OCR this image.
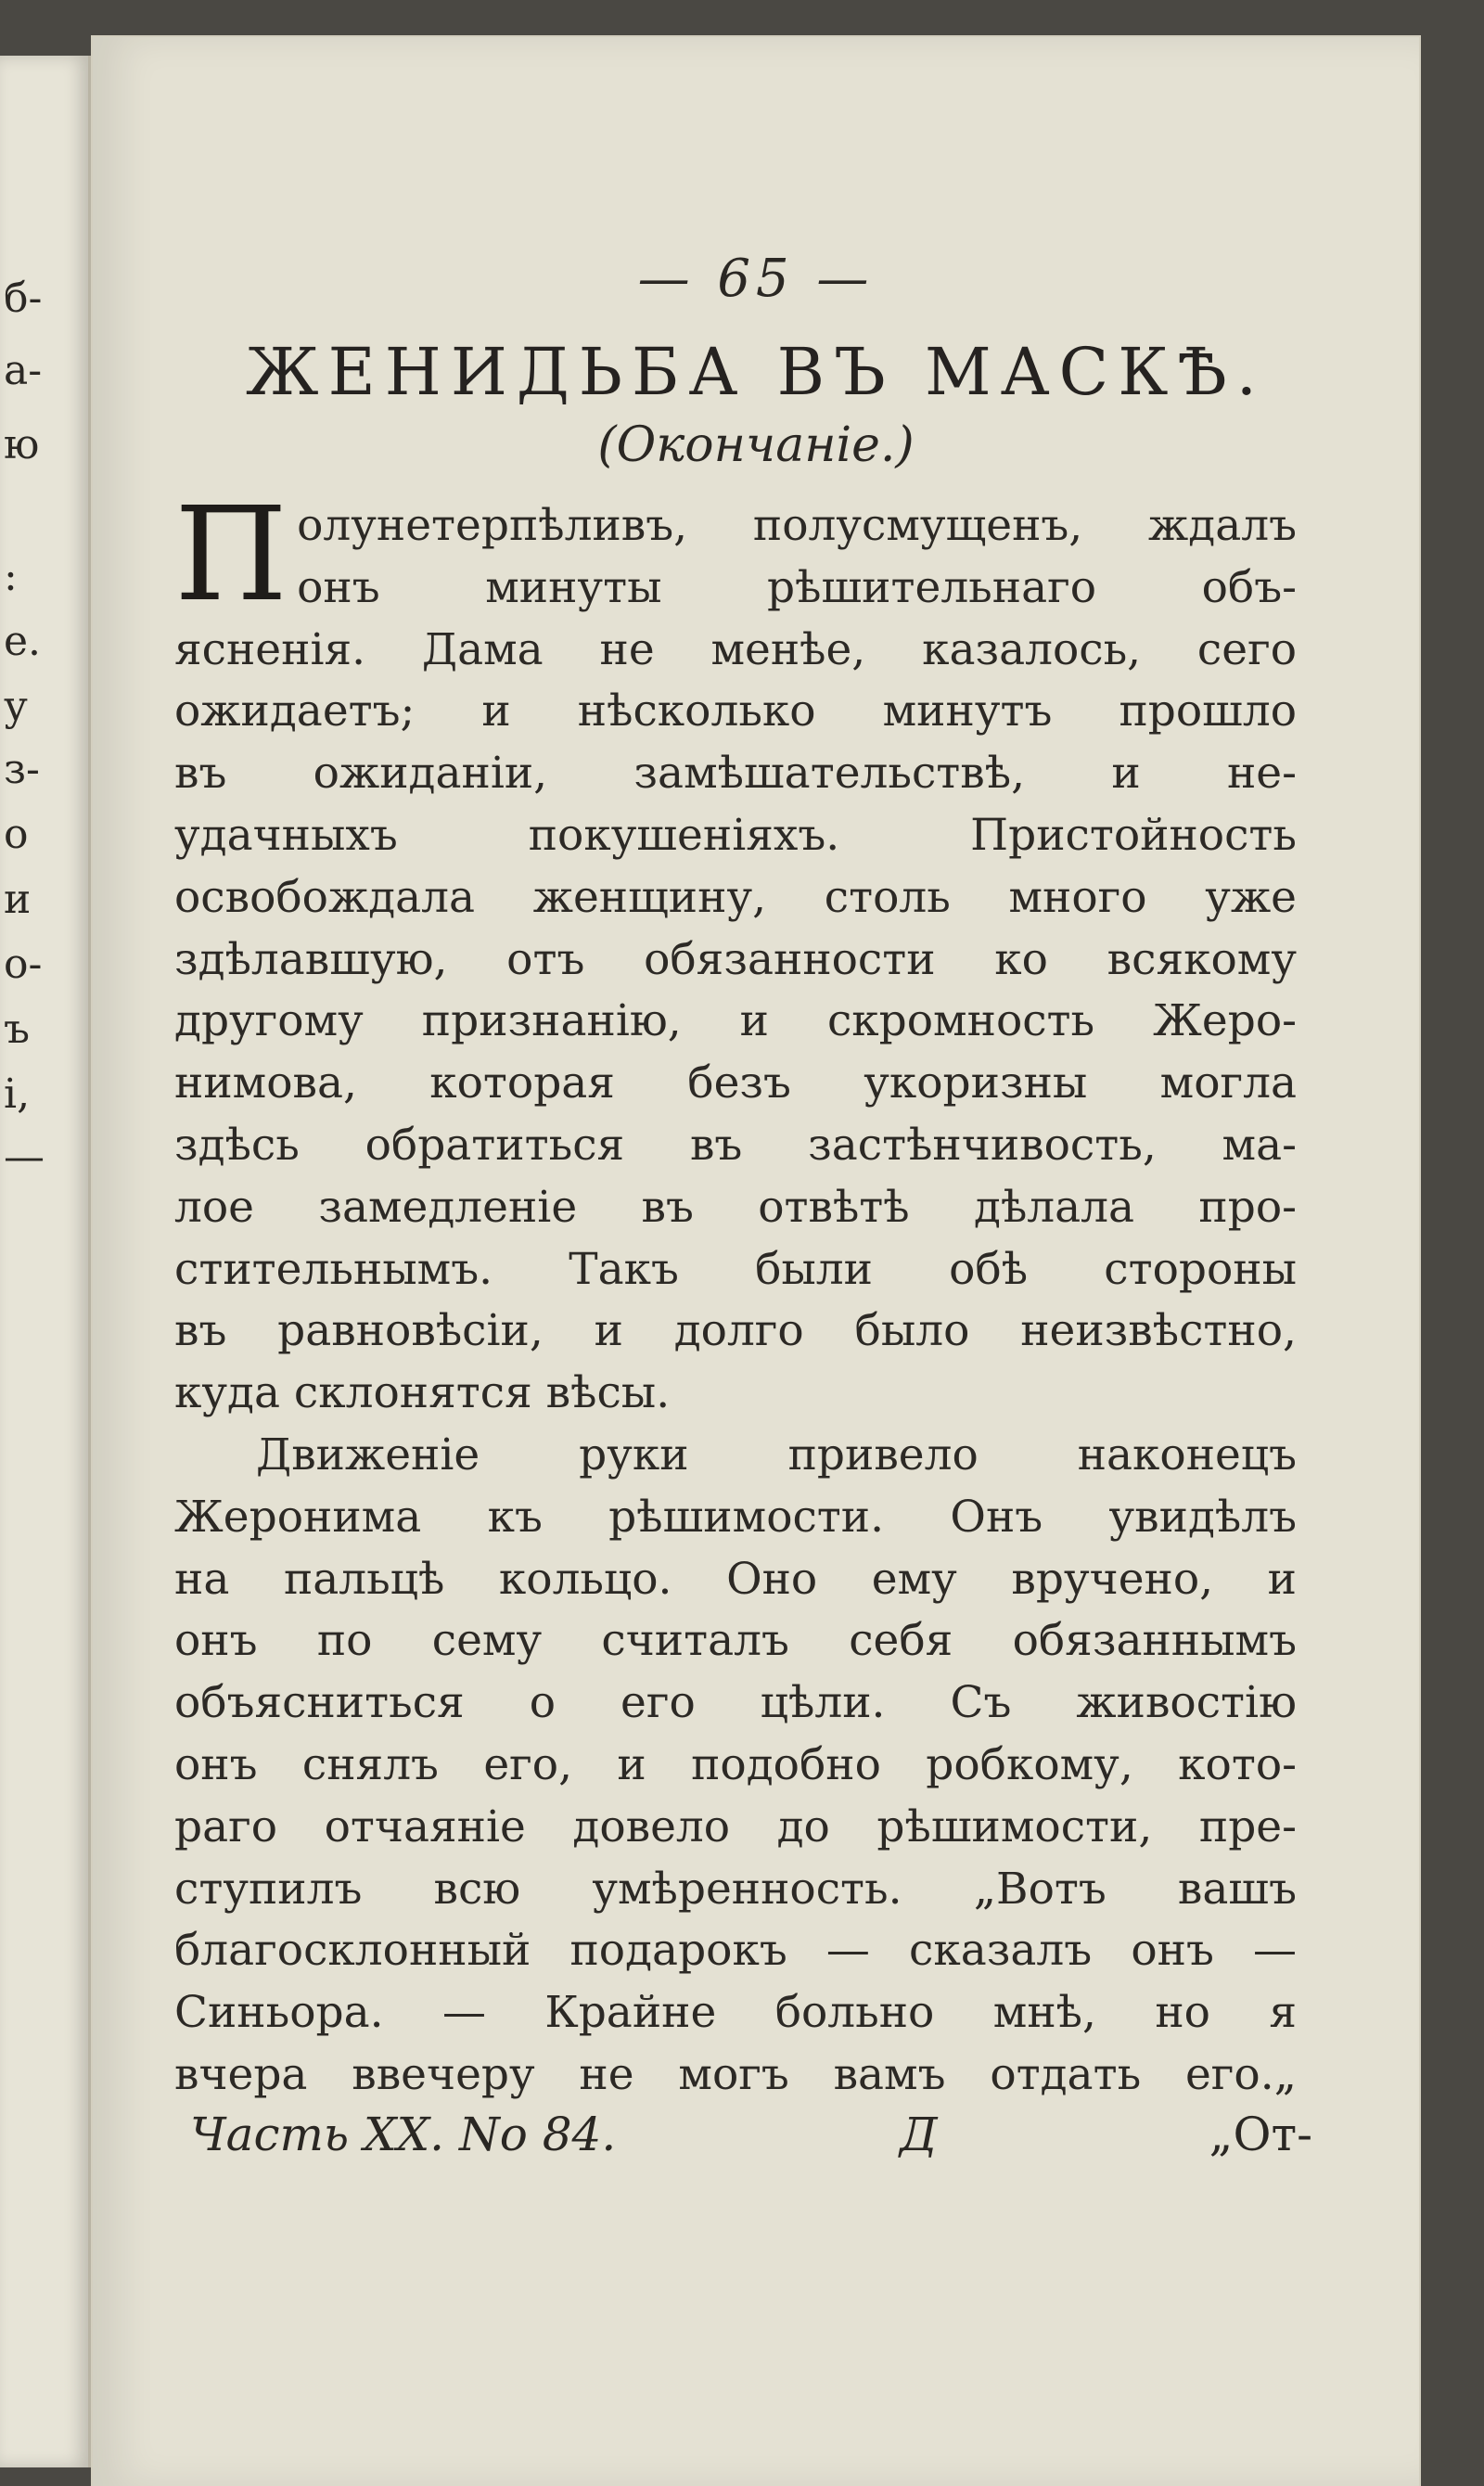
б-
а-
ю
:
е.
у
з-
о
и
о-
ъ
і,
—
— 65 —
ЖЕНИДЬБА ВЪ МАСКѢ.
(Окончаніе.)
П олунетерпѣливъ, полусмущенъ, ждалъ
онъ минуты рѣшительнаго объ-
ясненія. Дама не менѣе, казалось, сего
ожидаетъ; и нѣсколько минутъ прошло
въ ожиданіи, замѣшательствѣ, и не-
удачныхъ покушеніяхъ. Пристойность
освобождала женщину, столь много уже
здѣлавшую, отъ обязанности ко всякому
другому признанію, и скромность Жеро-
нимова, которая безъ укоризны могла
здѣсь обратиться въ застѣнчивость, ма-
лое замедленіе въ отвѣтѣ дѣлала про-
стительнымъ. Такъ были обѣ стороны
въ равновѣсіи, и долго было неизвѣстно,
куда склонятся вѣсы.
Движеніе руки привело наконецъ
Жеронима къ рѣшимости. Онъ увидѣлъ
на пальцѣ кольцо. Оно ему вручено, и
онъ по сему считалъ себя обязаннымъ
объясниться о его цѣли. Съ живостію
онъ снялъ его, и подобно робкому, кото-
раго отчаяніе довело до рѣшимости, пре-
ступилъ всю умѣренность. „Вотъ вашъ
благосклонный подарокъ — сказалъ онъ —
Синьора. — Крайне больно мнѣ, но я
вчера ввечеру не могъ вамъ отдать его.„
Часть XX. No 84.	Д	„От-
